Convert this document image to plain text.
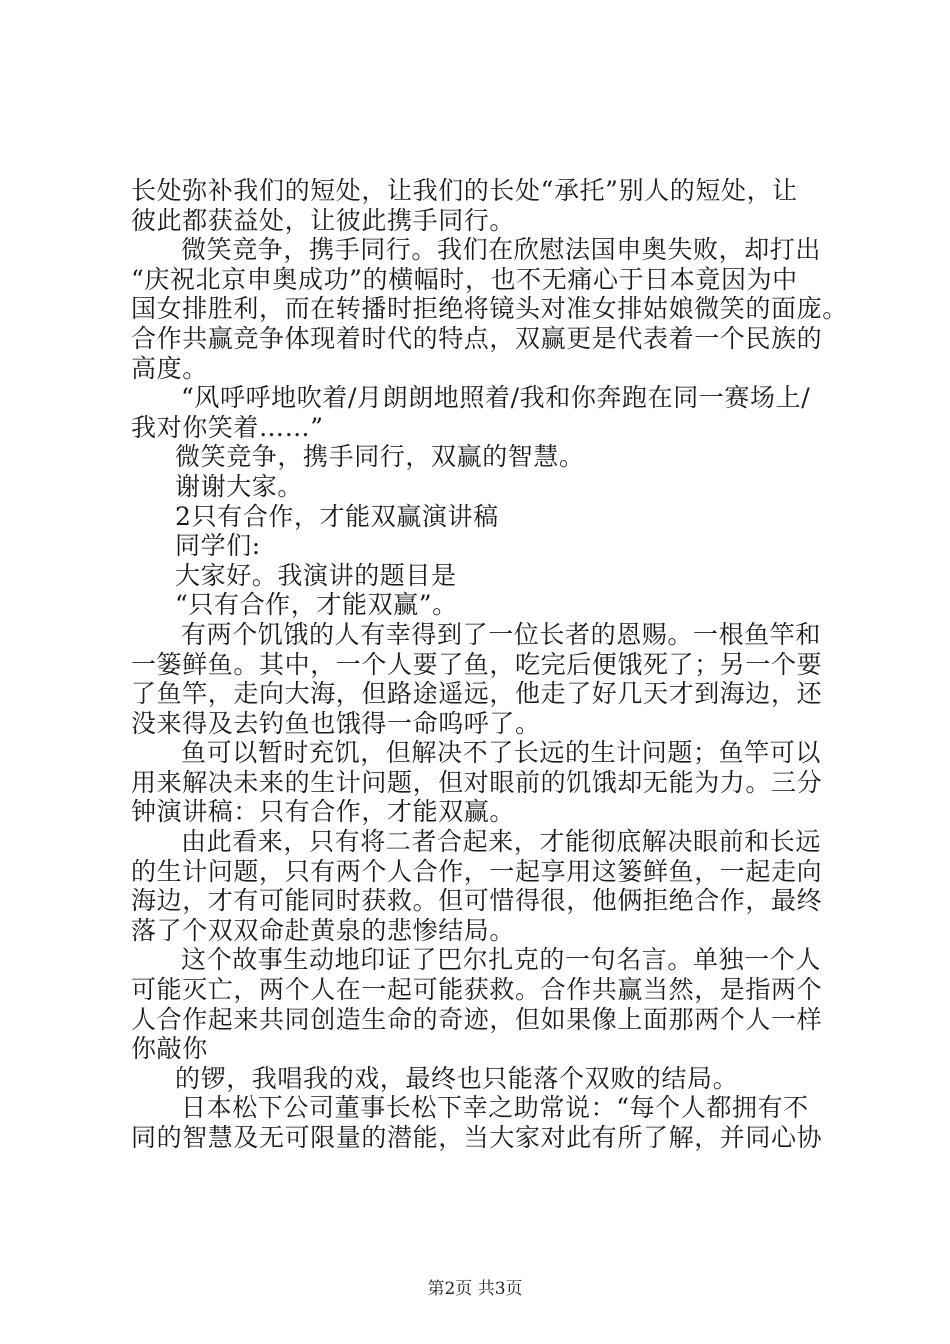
长处弥补我们的短处，让我们的长处“承托”别人的短处，让
彼此都获益处，让彼此携手同行。
微笑竞争，携手同行。我们在欣慰法国申奥失败，却打出
“庆祝北京申奥成功”的横幅时，也不无痛心于日本竟因为中
国女排胜利，而在转播时拒绝将镜头对准女排姑娘微笑的面庞。
合作共赢竞争体现着时代的特点，双赢更是代表着一个民族的
高度。
“风呼呼地吹着/月朗朗地照着/我和你奔跑在同一赛场上/
我对你笑着……”
微笑竞争，携手同行，双赢的智慧。
谢谢大家。
2只有合作，才能双赢演讲稿
同学们:
大家好。我演讲的题目是
“只有合作，才能双赢”。
有两个饥饿的人有幸得到了一位长者的恩赐。一根鱼竿和
一篓鲜鱼。其中，一个人要了鱼，吃完后便饿死了；另一个要
了鱼竿，走向大海，但路途遥远，他走了好几天才到海边，还
没来得及去钓鱼也饿得一命呜呼了。
鱼可以暂时充饥，但解决不了长远的生计问题；鱼竿可以
用来解决未来的生计问题，但对眼前的饥饿却无能为力。三分
钟演讲稿：只有合作，才能双赢。
由此看来，只有将二者合起来，才能彻底解决眼前和长远
的生计问题，只有两个人合作，一起享用这篓鲜鱼，一起走向
海边，才有可能同时获救。但可惜得很，他俩拒绝合作，最终
落了个双双命赴黄泉的悲惨结局。
这个故事生动地印证了巴尔扎克的一句名言。单独一个人
可能灭亡，两个人在一起可能获救。合作共赢当然，是指两个
人合作起来共同创造生命的奇迹，但如果像上面那两个人一样
你敲你
的锣，我唱我的戏，最终也只能落个双败的结局。
日本松下公司董事长松下幸之助常说：“每个人都拥有不
同的智慧及无可限量的潜能，当大家对此有所了解，并同心协
第2页 共3页
